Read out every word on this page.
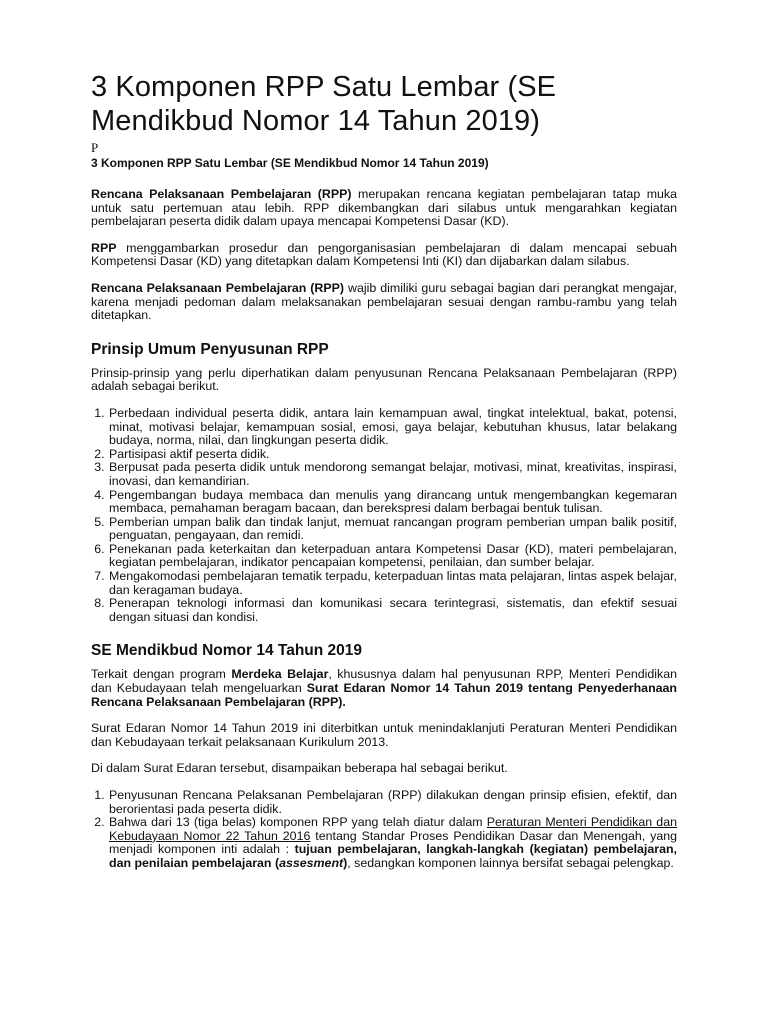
3 Komponen RPP Satu Lembar (SE Mendikbud Nomor 14 Tahun 2019)
P
3 Komponen RPP Satu Lembar (SE Mendikbud Nomor 14 Tahun 2019)

Rencana Pelaksanaan Pembelajaran (RPP) merupakan rencana kegiatan pembelajaran tatap muka untuk satu pertemuan atau lebih. RPP dikembangkan dari silabus untuk mengarahkan kegiatan pembelajaran peserta didik dalam upaya mencapai Kompetensi Dasar (KD).

RPP menggambarkan prosedur dan pengorganisasian pembelajaran di dalam mencapai sebuah Kompetensi Dasar (KD) yang ditetapkan dalam Kompetensi Inti (KI) dan dijabarkan dalam silabus.

Rencana Pelaksanaan Pembelajaran (RPP) wajib dimiliki guru sebagai bagian dari perangkat mengajar, karena menjadi pedoman dalam melaksanakan pembelajaran sesuai dengan rambu-rambu yang telah ditetapkan.

Prinsip Umum Penyusunan RPP

Prinsip-prinsip yang perlu diperhatikan dalam penyusunan Rencana Pelaksanaan Pembelajaran (RPP) adalah sebagai berikut.

1. Perbedaan individual peserta didik, antara lain kemampuan awal, tingkat intelektual, bakat, potensi, minat, motivasi belajar, kemampuan sosial, emosi, gaya belajar, kebutuhan khusus, latar belakang budaya, norma, nilai, dan lingkungan peserta didik.
2. Partisipasi aktif peserta didik.
3. Berpusat pada peserta didik untuk mendorong semangat belajar, motivasi, minat, kreativitas, inspirasi, inovasi, dan kemandirian.
4. Pengembangan budaya membaca dan menulis yang dirancang untuk mengembangkan kegemaran membaca, pemahaman beragam bacaan, dan berekspresi dalam berbagai bentuk tulisan.
5. Pemberian umpan balik dan tindak lanjut, memuat rancangan program pemberian umpan balik positif, penguatan, pengayaan, dan remidi.
6. Penekanan pada keterkaitan dan keterpaduan antara Kompetensi Dasar (KD), materi pembelajaran, kegiatan pembelajaran, indikator pencapaian kompetensi, penilaian, dan sumber belajar.
7. Mengakomodasi pembelajaran tematik terpadu, keterpaduan lintas mata pelajaran, lintas aspek belajar, dan keragaman budaya.
8. Penerapan teknologi informasi dan komunikasi secara terintegrasi, sistematis, dan efektif sesuai dengan situasi dan kondisi.
SE Mendikbud Nomor 14 Tahun 2019

Terkait dengan program Merdeka Belajar, khususnya dalam hal penyusunan RPP, Menteri Pendidikan dan Kebudayaan telah mengeluarkan Surat Edaran Nomor 14 Tahun 2019 tentang Penyederhanaan Rencana Pelaksanaan Pembelajaran (RPP).

Surat Edaran Nomor 14 Tahun 2019 ini diterbitkan untuk menindaklanjuti Peraturan Menteri Pendidikan dan Kebudayaan terkait pelaksanaan Kurikulum 2013.

Di dalam Surat Edaran tersebut, disampaikan beberapa hal sebagai berikut.

1. Penyusunan Rencana Pelaksanan Pembelajaran (RPP) dilakukan dengan prinsip efisien, efektif, dan berorientasi pada peserta didik.
2. Bahwa dari 13 (tiga belas) komponen RPP yang telah diatur dalam Peraturan Menteri Pendidikan dan Kebudayaan Nomor 22 Tahun 2016 tentang Standar Proses Pendidikan Dasar dan Menengah, yang menjadi komponen inti adalah : tujuan pembelajaran, langkah-langkah (kegiatan) pembelajaran, dan penilaian pembelajaran (assesment), sedangkan komponen lainnya bersifat sebagai pelengkap.
